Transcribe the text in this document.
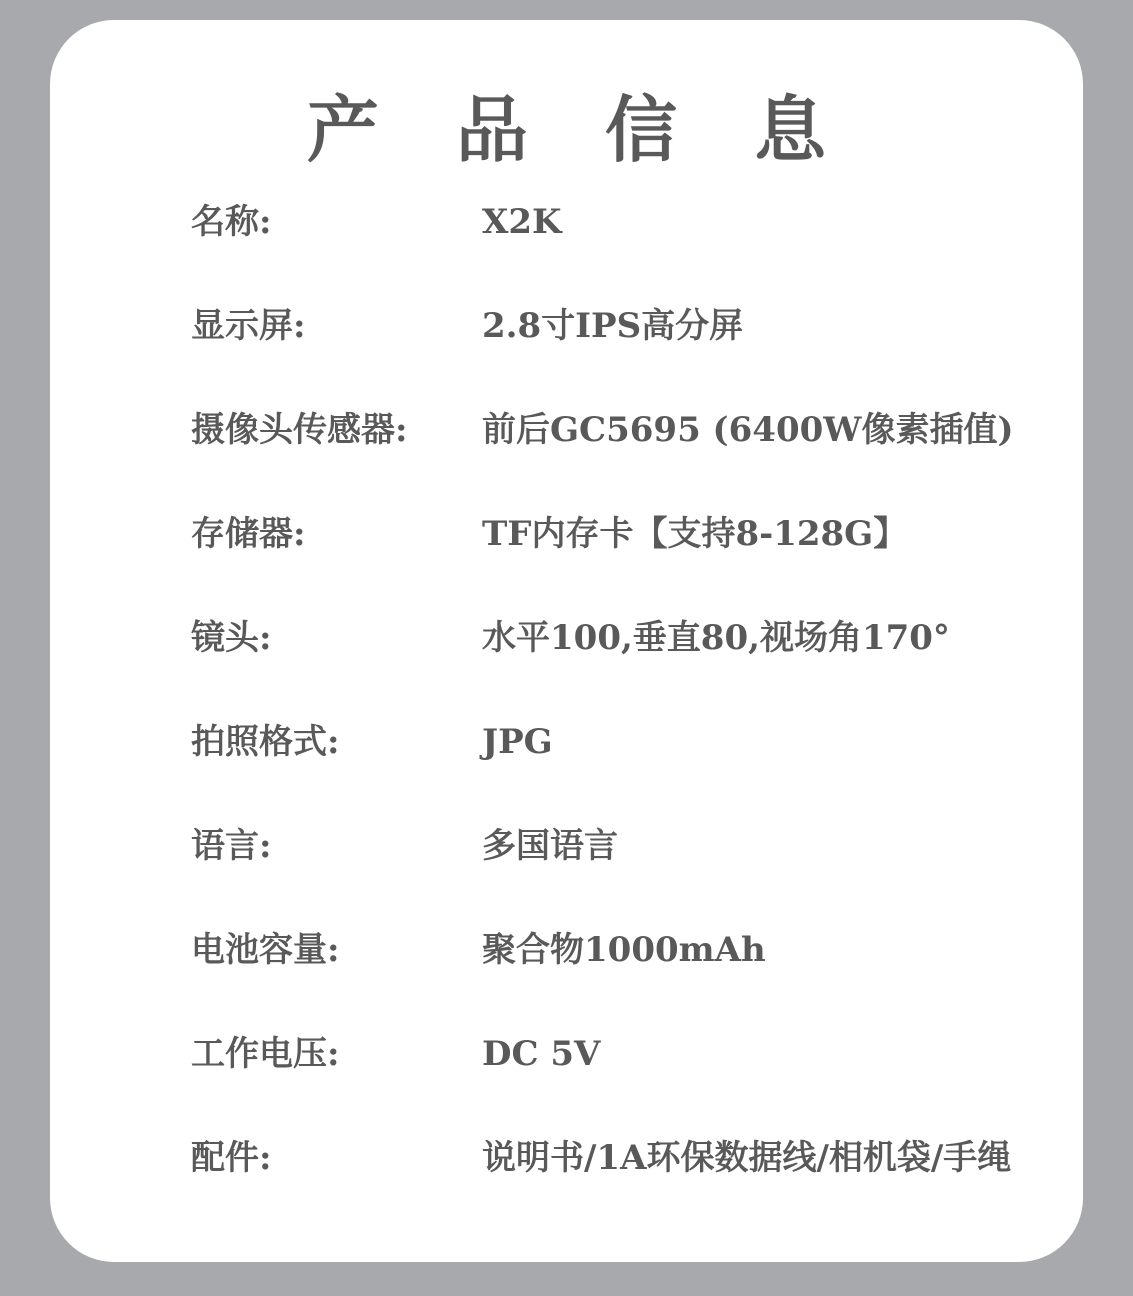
产 品 信 息
名称:	X2K
显示屏:	2.8寸IPS高分屏
摄像头传感器: 前后GC5695 (6400W像素插值)
存储器:	TF内存卡【支持8-128G】
镜头:	水平100,垂直80,视场角170°
拍照格式:	JPG
语言:	多国语言
电池容量:	聚合物1000mAh
工作电压:	DC 5V
配件:	说明书/1A环保数据线/相机袋/手绳
